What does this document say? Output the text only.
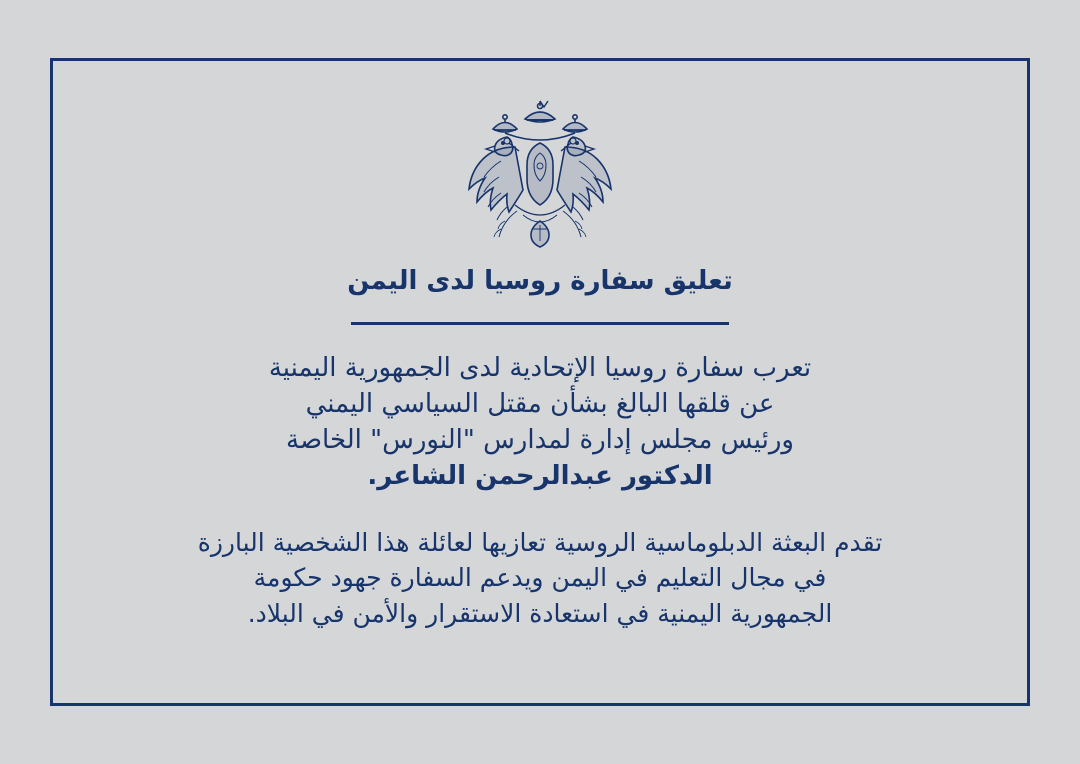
تعليق سفارة روسيا لدى اليمن
تعرب سفارة روسيا الإتحادية لدى الجمهورية اليمنية
عن قلقها البالغ بشأن مقتل السياسي اليمني
ورئيس مجلس إدارة لمدارس "النورس" الخاصة
الدكتور عبدالرحمن الشاعر.
تقدم البعثة الدبلوماسية الروسية تعازيها لعائلة هذا الشخصية البارزة
في مجال التعليم في اليمن ويدعم السفارة جهود حكومة
الجمهورية اليمنية في استعادة الاستقرار والأمن في البلاد.
